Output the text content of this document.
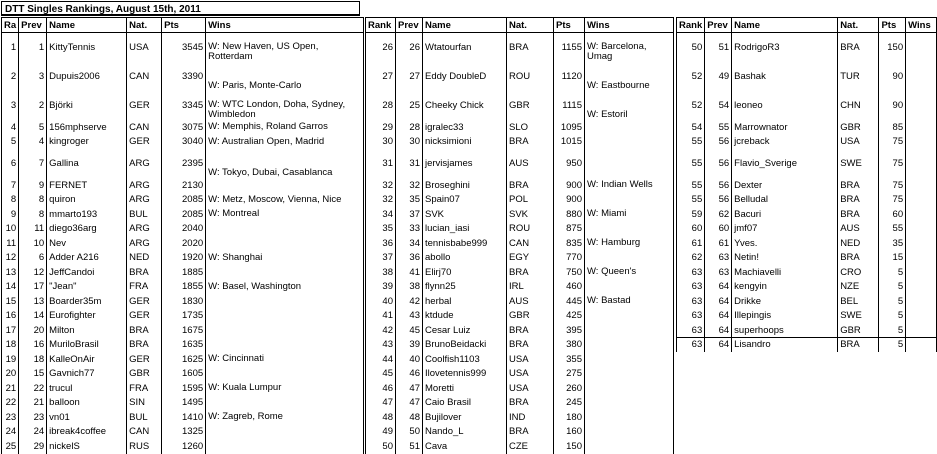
DTT Singles Rankings, August 15th, 2011
Ra	Prev	Name	Nat.	Pts	Wins
1	1	KittyTennis	USA	3545	W: New Haven, US Open, Rotterdam
2	3	Dupuis2006	CAN	3390	W: Paris, Monte-Carlo
3	2	Björki	GER	3345	W: WTC London, Doha, Sydney, Wimbledon
4	5	156mphserve	CAN	3075	W: Memphis, Roland Garros
5	4	kingroger	GER	3040	W: Australian Open, Madrid
6	7	Gallina	ARG	2395	W: Tokyo, Dubai, Casablanca
7	9	FERNET	ARG	2130	
8	8	quiron	ARG	2085	W: Metz, Moscow, Vienna, Nice
9	8	mmarto193	BUL	2085	W: Montreal
10	11	diego36arg	ARG	2040	
11	10	Nev	ARG	2020	
12	6	Adder A216	NED	1920	W: Shanghai
13	12	JeffCandoi	BRA	1885	
14	17	"Jean"	FRA	1855	W: Basel, Washington
15	13	Boarder35m	GER	1830	
16	14	Eurofighter	GER	1735	
17	20	Milton	BRA	1675	
18	16	MuriloBrasil	BRA	1635	
19	18	KalleOnAir	GER	1625	W: Cincinnati
20	15	Gavnich77	GBR	1605	
21	22	trucul	FRA	1595	W: Kuala Lumpur
22	21	balloon	SIN	1495	
23	23	vn01	BUL	1410	W: Zagreb, Rome
24	24	ibreak4coffee	CAN	1325	
25	29	nickelS	RUS	1260	
Rank	Prev	Name	Nat.	Pts	Wins
26	26	Wtatourfan	BRA	1155	W: Barcelona, Umag
27	27	Eddy DoubleD	ROU	1120	W: Eastbourne
28	25	Cheeky Chick	GBR	1115	W: Estoril
29	28	igralec33	SLO	1095	
30	30	nicksimioni	BRA	1015	
31	31	jervisjames	AUS	950	
32	32	Broseghini	BRA	900	W: Indian Wells
32	35	Spain07	POL	900	
34	37	SVK	SVK	880	W: Miami
35	33	lucian_iasi	ROU	875	
36	34	tennisbabe999	CAN	835	W: Hamburg
37	36	abollo	EGY	770	
38	41	Elirj70	BRA	750	W: Queen's
39	38	flynn25	IRL	460	
40	42	herbal	AUS	445	W: Bastad
41	43	ktdude	GBR	425	
42	45	Cesar Luiz	BRA	395	
43	39	BrunoBeidacki	BRA	380	
44	40	Coolfish1103	USA	355	
45	46	Ilovetennis999	USA	275	
46	47	Moretti	USA	260	
47	47	Caio Brasil	BRA	245	
48	48	Bujilover	IND	180	
49	50	Nando_L	BRA	160	
50	51	Cava	CZE	150	
Rank	Prev	Name	Nat.	Pts	Wins
50	51	RodrigoR3	BRA	150	
52	49	Bashak	TUR	90	
52	54	leoneo	CHN	90	
54	55	Marrownator	GBR	85	
55	56	jcreback	USA	75	
55	56	Flavio_Sverige	SWE	75	
55	56	Dexter	BRA	75	
55	56	Belludal	BRA	75	
59	62	Bacuri	BRA	60	
60	60	jmf07	AUS	55	
61	61	Yves.	NED	35	
62	63	Netin!	BRA	15	
63	63	Machiavelli	CRO	5	
63	64	kengyin	NZE	5	
63	64	Drikke	BEL	5	
63	64	Illepingis	SWE	5	
63	64	superhoops	GBR	5	
63	64	Lisandro	BRA	5	
